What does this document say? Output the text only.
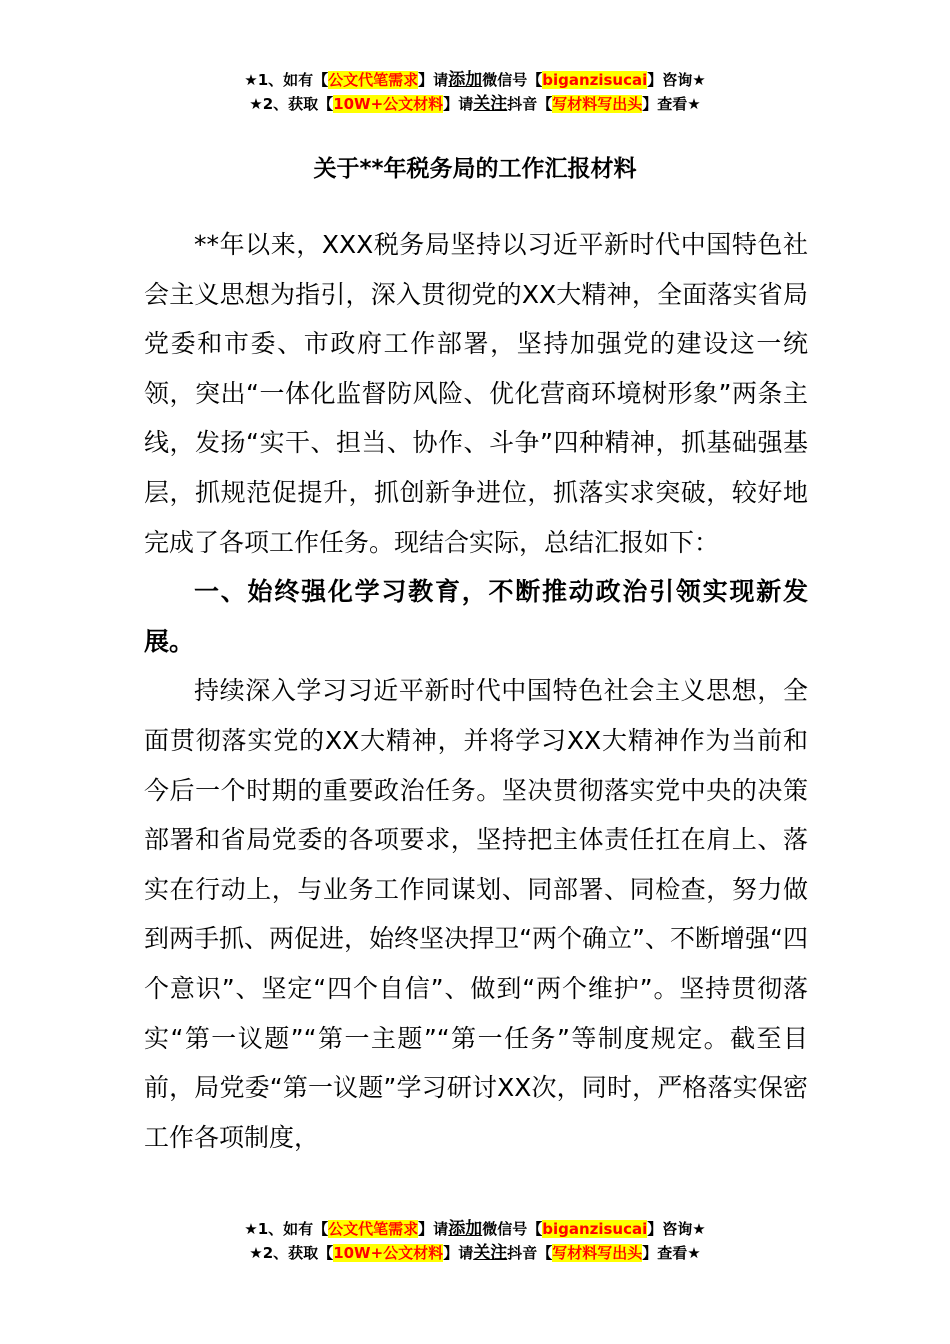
★1、如有【公文代笔需求】请添加微信号【biganzisucai】咨询★
★2、获取【10W+公文材料】请关注抖音【写材料写出头】查看★
关于**年税务局的工作汇报材料

**年以来，XXX税务局坚持以习近平新时代中国特色社会主义思想为指引，深入贯彻党的XX大精神，全面落实省局党委和市委、市政府工作部署，坚持加强党的建设这一统领，突出“一体化监督防风险、优化营商环境树形象”两条主线，发扬“实干、担当、协作、斗争”四种精神，抓基础强基层，抓规范促提升，抓创新争进位，抓落实求突破，较好地完成了各项工作任务。现结合实际，总结汇报如下：

一、始终强化学习教育，不断推动政治引领实现新发展。

持续深入学习习近平新时代中国特色社会主义思想，全面贯彻落实党的XX大精神，并将学习XX大精神作为当前和今后一个时期的重要政治任务。坚决贯彻落实党中央的决策部署和省局党委的各项要求，坚持把主体责任扛在肩上、落实在行动上，与业务工作同谋划、同部署、同检查，努力做到两手抓、两促进，始终坚决捍卫“两个确立”、不断增强“四个意识”、坚定“四个自信”、做到“两个维护”。坚持贯彻落实“第一议题”“第一主题”“第一任务”等制度规定。截至目前，局党委“第一议题”学习研讨XX次，同时，严格落实保密工作各项制度，

★1、如有【公文代笔需求】请添加微信号【biganzisucai】咨询★
★2、获取【10W+公文材料】请关注抖音【写材料写出头】查看★
